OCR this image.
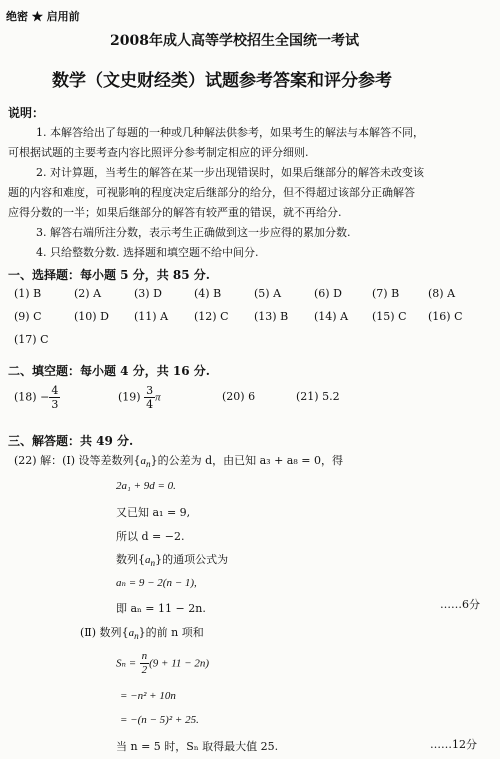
绝密 ★ 启用前
2008年成人高等学校招生全国统一考试
数学（文史财经类）试题参考答案和评分参考
说明：
1. 本解答给出了每题的一种或几种解法供参考，如果考生的解法与本解答不同，
可根据试题的主要考查内容比照评分参考制定相应的评分细则.
2. 对计算题，当考生的解答在某一步出现错误时，如果后继部分的解答未改变该
题的内容和难度，可视影响的程度决定后继部分的给分，但不得超过该部分正确解答
应得分数的一半；如果后继部分的解答有较严重的错误，就不再给分.
3. 解答右端所注分数，表示考生正确做到这一步应得的累加分数.
4. 只给整数分数. 选择题和填空题不给中间分.
一、选择题：每小题 5 分，共 85 分.
(1) B	(2) A	(3) D	(4) B	(5) A	(6) D	(7) B	(8) A
(9) C	(10) D (11) A (12) C (13) B (14) A (15) C (16) C
(17) C
二、填空题：每小题 4 分，共 16 分.
$(18) - \frac{4}{3}$	$(19) \frac{3}{4}$ π	(20) 6	(21) 5.2
三、解答题：共 49 分.
(22) 解：(Ⅰ) 设等差数列$\{a_n\}$的公差为 d，由已知 a₃ + a₈ = 0，得
2a₁ + 9d = 0.
又已知 a₁ = 9,
所以 d = −2.
数列$\{a_n\}$的通项公式为
aₙ = 9 − 2(n − 1),
即 aₙ = 11 − 2n.	……6分
(Ⅱ) 数列$\{a_n\}$的前 n 项和
$S_n = \frac{n}{2} (9 + 11 - 2n)$
= −n² + 10n
= −(n − 5)² + 25.
当 n = 5 时，Sₙ 取得最大值 25.	……12分
